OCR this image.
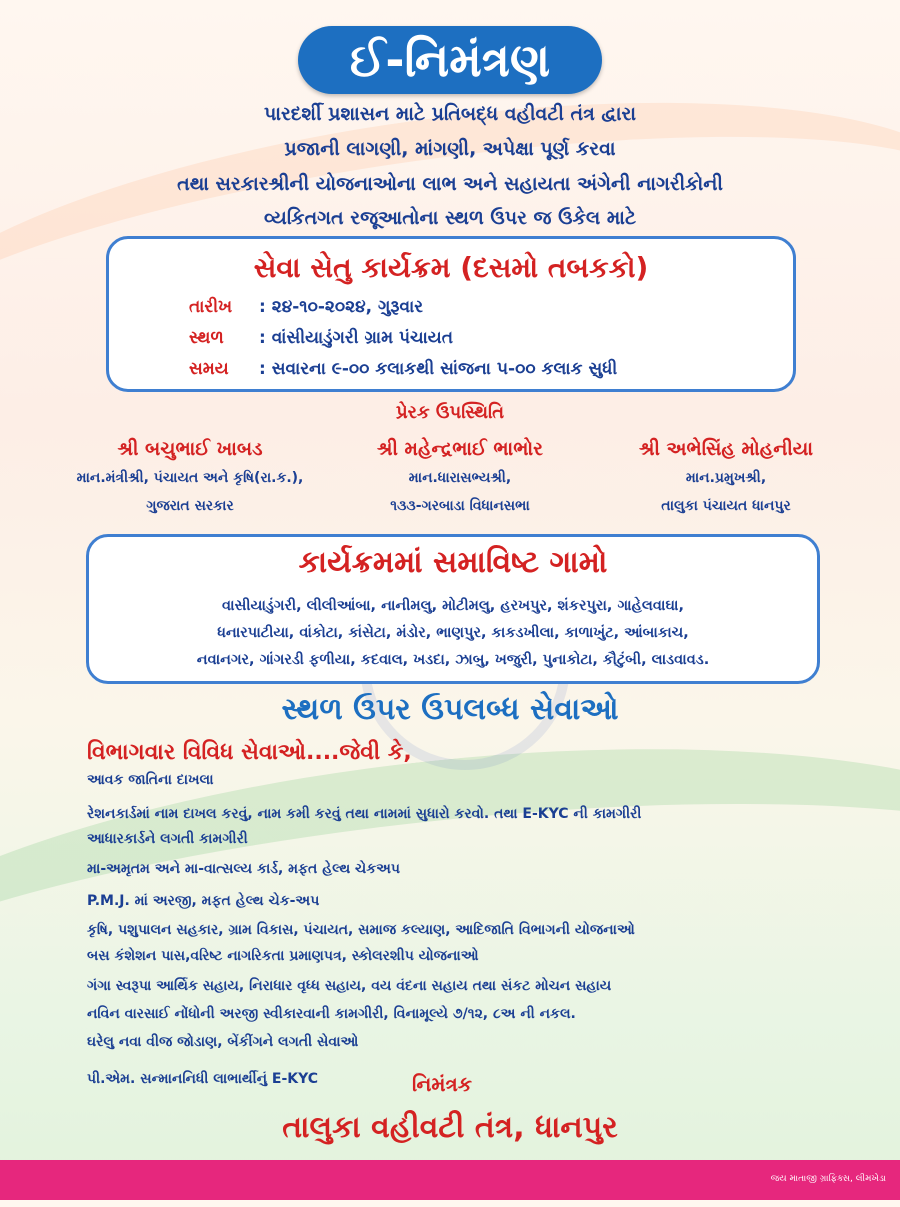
ઈ-નિમંત્રણ
પારદર્શી પ્રશાસન માટે પ્રતિબદ્ધ વહીવટી તંત્ર દ્વારા
પ્રજાની લાગણી, માંગણી, અપેક્ષા પૂર્ણ કરવા
તથા સરકારશ્રીની યોજનાઓના લાભ અને સહાયતા અંગેની નાગરીકોની
વ્યકિતગત રજૂઆતોના સ્થળ ઉપર જ ઉકેલ માટે
સેવા સેતુ કાર્યક્રમ (દસમો તબકકો)
તારીખ : ૨૪-૧૦-૨૦૨૪, ગુરૂવાર
સ્થળ : વાંસીયાડુંગરી ગ્રામ પંચાયત
સમય : સવારના ૯-૦૦ કલાકથી સાંજના ૫-૦૦ કલાક સુધી
પ્રેરક ઉપસ્થિતિ
શ્રી બચુભાઈ ખાબડ
માન.મંત્રીશ્રી, પંચાયત અને કૃષિ(રા.ક.),
ગુજરાત સરકાર
શ્રી મહેન્દ્રભાઈ ભાભોર
માન.ધારાસભ્યશ્રી,
૧૩૩-ગરબાડા વિધાનસભા
શ્રી અભેસિંહ મોહનીયા
માન.પ્રમુખશ્રી,
તાલુકા પંચાયત ધાનપુર
કાર્યક્રમમાં સમાવિષ્ટ ગામો
વાસીયાડુંગરી, લીલીઆંબા, નાનીમલુ, મોટીમલુ, હરખપુર, શંકરપુરા, ગાહેલવાઘા,
ધનારપાટીયા, વાંકોટા, કાંસેટા, મંડોર, ભાણપુર, કાકડખીલા, કાળાખુંટ, આંબાકાચ,
નવાનગર, ગાંગરડી ફળીયા, કદવાલ, ખડદા, ઝાબુ, ખજુરી, પુનાકોટા, કૌટુંબી, લાડવાવડ.
સ્થળ ઉપર ઉપલબ્ધ સેવાઓ
વિભાગવાર વિવિધ સેવાઓ....જેવી કે,
આવક જાતિના દાખલા
રેશનકાર્ડમાં નામ દાખલ કરવું, નામ કમી કરવું તથા નામમાં સુધારો કરવો. તથા E-KYC ની કામગીરી
આધારકાર્ડને લગતી કામગીરી
મા-અમૃતમ અને મા-વાત્સલ્ય કાર્ડ, મફત હેલ્થ ચેકઅપ
P.M.J. માં અરજી, મફત હેલ્થ ચેક-અપ
કૃષિ, પશુપાલન સહકાર, ગ્રામ વિકાસ, પંચાયત, સમાજ કલ્યાણ, આદિજાતિ વિભાગની યોજનાઓ
બસ કંશેશન પાસ,વરિષ્ટ નાગરિકતા પ્રમાણપત્ર, સ્કોલરશીપ યોજનાઓ
ગંગા સ્વરૂપા આર્થિક સહાય, નિરાધાર વૃધ્ધ સહાય, વય વંદના સહાય તથા સંકટ મોચન સહાય
નવિન વારસાઈ નોંધોની અરજી સ્વીકારવાની કામગીરી, વિનામૂલ્યે ૭/૧૨, ૮અ ની નકલ.
ઘરેલુ નવા વીજ જોડાણ, બેંકીંગને લગતી સેવાઓ
પી.એમ. સન્માનનિધી લાભાર્થીનું E-KYC	નિમંત્રક
તાલુકા વહીવટી તંત્ર, ધાનપુર
જય માતાજી ગ્રાફિક્સ, લીમખેડા
